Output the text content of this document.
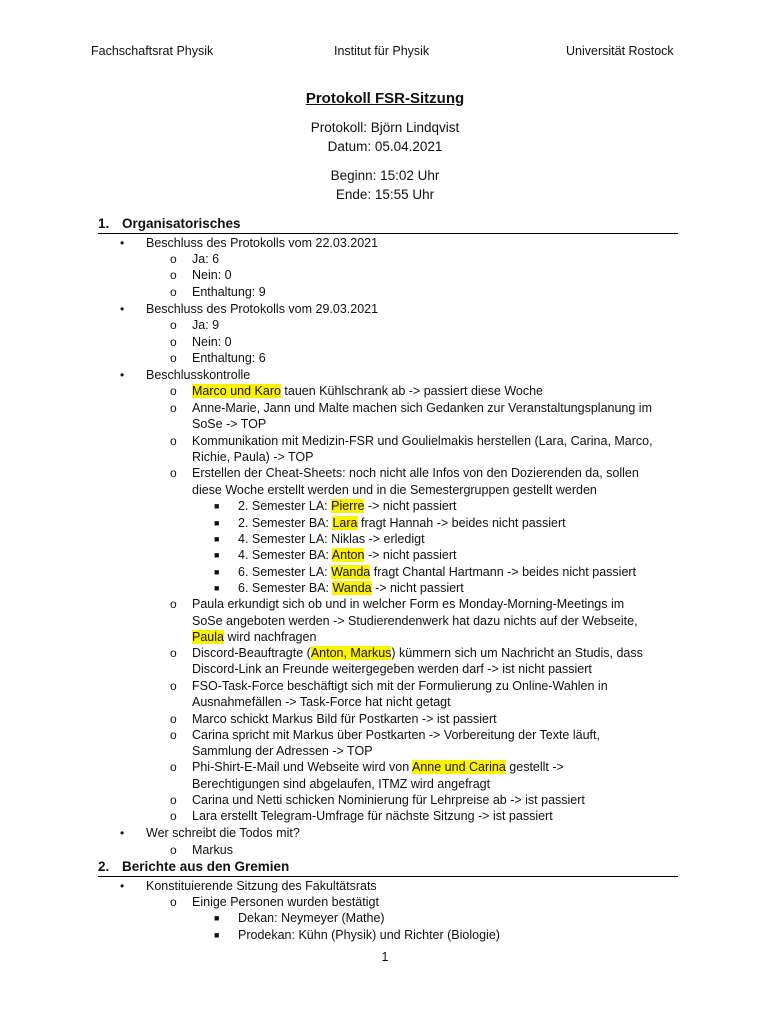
Fachschaftsrat Physik	Institut für Physik	Universität Rostock
Protokoll FSR-Sitzung
Protokoll: Björn Lindqvist
Datum: 05.04.2021
Beginn: 15:02 Uhr
Ende: 15:55 Uhr
1. Organisatorisches
2. Berichte aus den Gremien
• Beschluss des Protokolls vom 22.03.2021
o Ja: 6
o Nein: 0
o Enthaltung: 9
• Beschluss des Protokolls vom 29.03.2021
o Ja: 9
o Nein: 0
o Enthaltung: 6
• Beschlusskontrolle
o Marco und Karo tauen Kühlschrank ab -> passiert diese Woche
o Anne-Marie, Jann und Malte machen sich Gedanken zur Veranstaltungsplanung im
SoSe -> TOP
o Kommunikation mit Medizin-FSR und Goulielmakis herstellen (Lara, Carina, Marco,
Richie, Paula) -> TOP
o Erstellen der Cheat-Sheets: noch nicht alle Infos von den Dozierenden da, sollen
diese Woche erstellt werden und in die Semestergruppen gestellt werden
■ 2. Semester LA: Pierre -> nicht passiert
■ 2. Semester BA: Lara fragt Hannah -> beides nicht passiert
■ 4. Semester LA: Niklas -> erledigt
■ 4. Semester BA: Anton -> nicht passiert
■ 6. Semester LA: Wanda fragt Chantal Hartmann -> beides nicht passiert
■ 6. Semester BA: Wanda -> nicht passiert
o Paula erkundigt sich ob und in welcher Form es Monday-Morning-Meetings im
SoSe angeboten werden -> Studierendenwerk hat dazu nichts auf der Webseite,
Paula wird nachfragen
o Discord-Beauftragte (Anton, Markus) kümmern sich um Nachricht an Studis, dass
Discord-Link an Freunde weitergegeben werden darf -> ist nicht passiert
o FSO-Task-Force beschäftigt sich mit der Formulierung zu Online-Wahlen in
Ausnahmefällen -> Task-Force hat nicht getagt
o Marco schickt Markus Bild für Postkarten -> ist passiert
o Carina spricht mit Markus über Postkarten -> Vorbereitung der Texte läuft,
Sammlung der Adressen -> TOP
o Phi-Shirt-E-Mail und Webseite wird von Anne und Carina gestellt ->
Berechtigungen sind abgelaufen, ITMZ wird angefragt
o Carina und Netti schicken Nominierung für Lehrpreise ab -> ist passiert
o Lara erstellt Telegram-Umfrage für nächste Sitzung -> ist passiert
• Wer schreibt die Todos mit?
o Markus
• Konstituierende Sitzung des Fakultätsrats
o Einige Personen wurden bestätigt
■ Dekan: Neymeyer (Mathe)
■ Prodekan: Kühn (Physik) und Richter (Biologie)
1
